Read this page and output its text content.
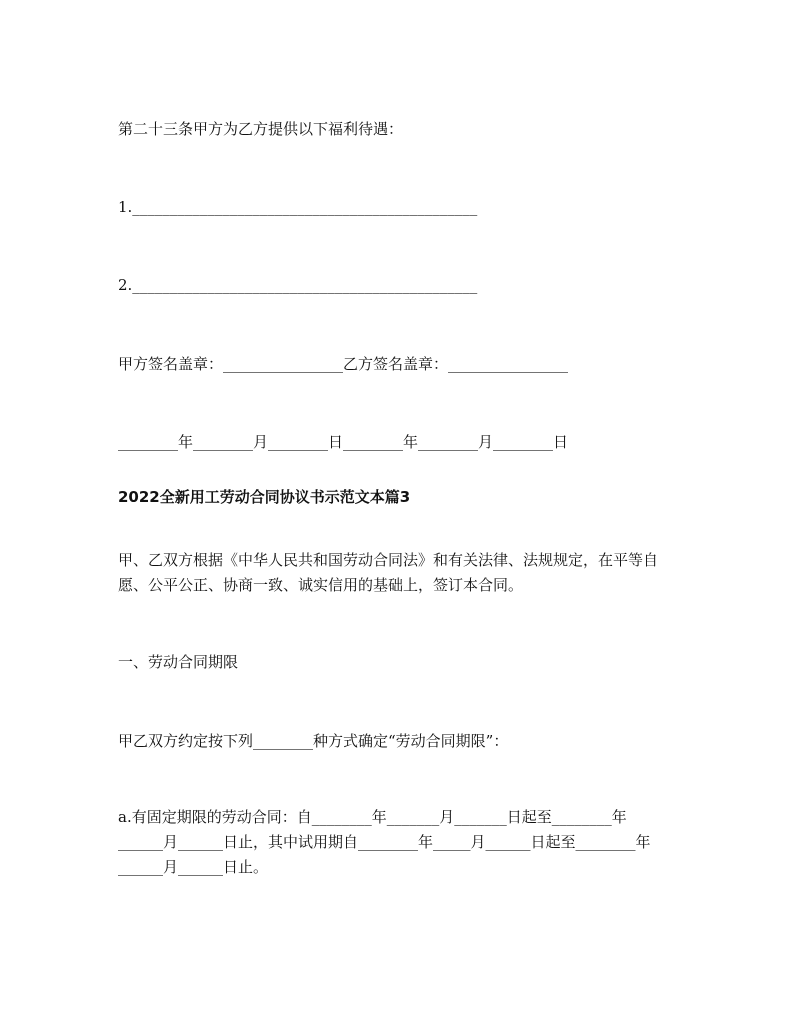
第二十三条甲方为乙方提供以下福利待遇：
1.______________________________________________
2.______________________________________________
甲方签名盖章：________________乙方签名盖章：________________
________年________月________日________年________月________日
2022全新用工劳动合同协议书示范文本篇3
甲、乙双方根据《中华人民共和国劳动合同法》和有关法律、法规规定，在平等自
愿、公平公正、协商一致、诚实信用的基础上，签订本合同。
一、劳动合同期限
甲乙双方约定按下列________种方式确定“劳动合同期限”：
a.有固定期限的劳动合同：自________年_______月_______日起至________年
______月______日止，其中试用期自________年_____月______日起至________年
______月______日止。
